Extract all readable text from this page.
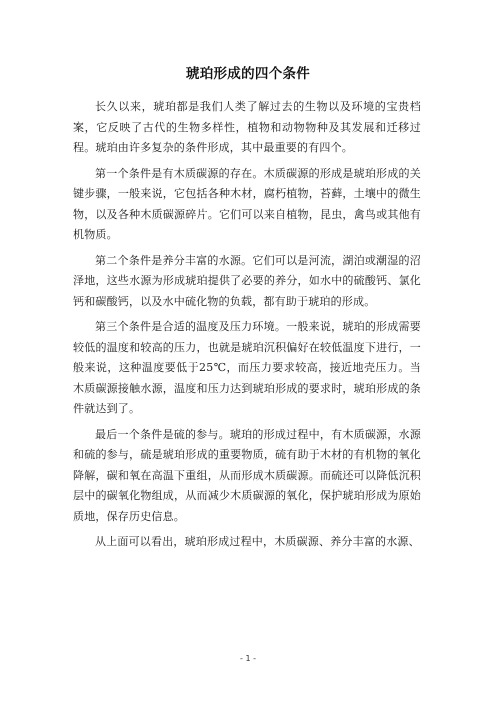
琥珀形成的四个条件

长久以来，琥珀都是我们人类了解过去的生物以及环境的宝贵档案，它反映了古代的生物多样性，植物和动物物种及其发展和迁移过程。琥珀由许多复杂的条件形成，其中最重要的有四个。

第一个条件是有木质碳源的存在。木质碳源的形成是琥珀形成的关键步骤，一般来说，它包括各种木材，腐朽植物，苔藓，土壤中的微生物，以及各种木质碳源碎片。它们可以来自植物，昆虫，禽鸟或其他有机物质。

第二个条件是养分丰富的水源。它们可以是河流，湖泊或潮湿的沼泽地，这些水源为形成琥珀提供了必要的养分，如水中的硫酸钙、氯化钙和碳酸钙，以及水中硫化物的负载，都有助于琥珀的形成。

第三个条件是合适的温度及压力环境。一般来说，琥珀的形成需要较低的温度和较高的压力，也就是琥珀沉积偏好在较低温度下进行，一般来说，这种温度要低于25℃，而压力要求较高，接近地壳压力。当木质碳源接触水源，温度和压力达到琥珀形成的要求时，琥珀形成的条件就达到了。

最后一个条件是硫的参与。琥珀的形成过程中，有木质碳源，水源和硫的参与，硫是琥珀形成的重要物质，硫有助于木材的有机物的氧化降解，碳和氧在高温下重组，从而形成木质碳源。而硫还可以降低沉积层中的碳氧化物组成，从而减少木质碳源的氧化，保护琥珀形成为原始质地，保存历史信息。

从上面可以看出，琥珀形成过程中，木质碳源、养分丰富的水源、

- 1 -
